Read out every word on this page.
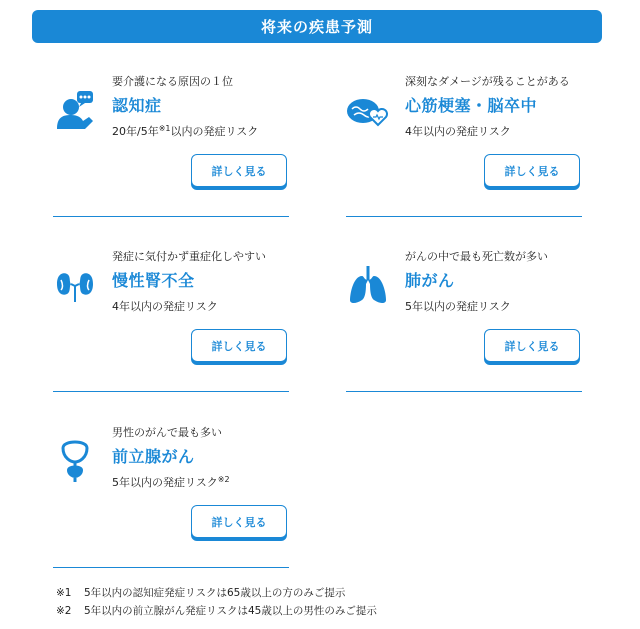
将来の疾患予測
要介護になる原因の１位
認知症
20年/5年$^{※1}$以内の発症リスク
詳しく見る
深刻なダメージが残ることがある
心筋梗塞・脳卒中
4年以内の発症リスク
詳しく見る
発症に気付かず重症化しやすい
慢性腎不全
4年以内の発症リスク
詳しく見る
がんの中で最も死亡数が多い
肺がん
5年以内の発症リスク
詳しく見る
男性のがんで最も多い
前立腺がん
5年以内の発症リスク$^{※2}$
詳しく見る
※1	5年以内の認知症発症リスクは65歳以上の方のみご提示
※2	5年以内の前立腺がん発症リスクは45歳以上の男性のみご提示
